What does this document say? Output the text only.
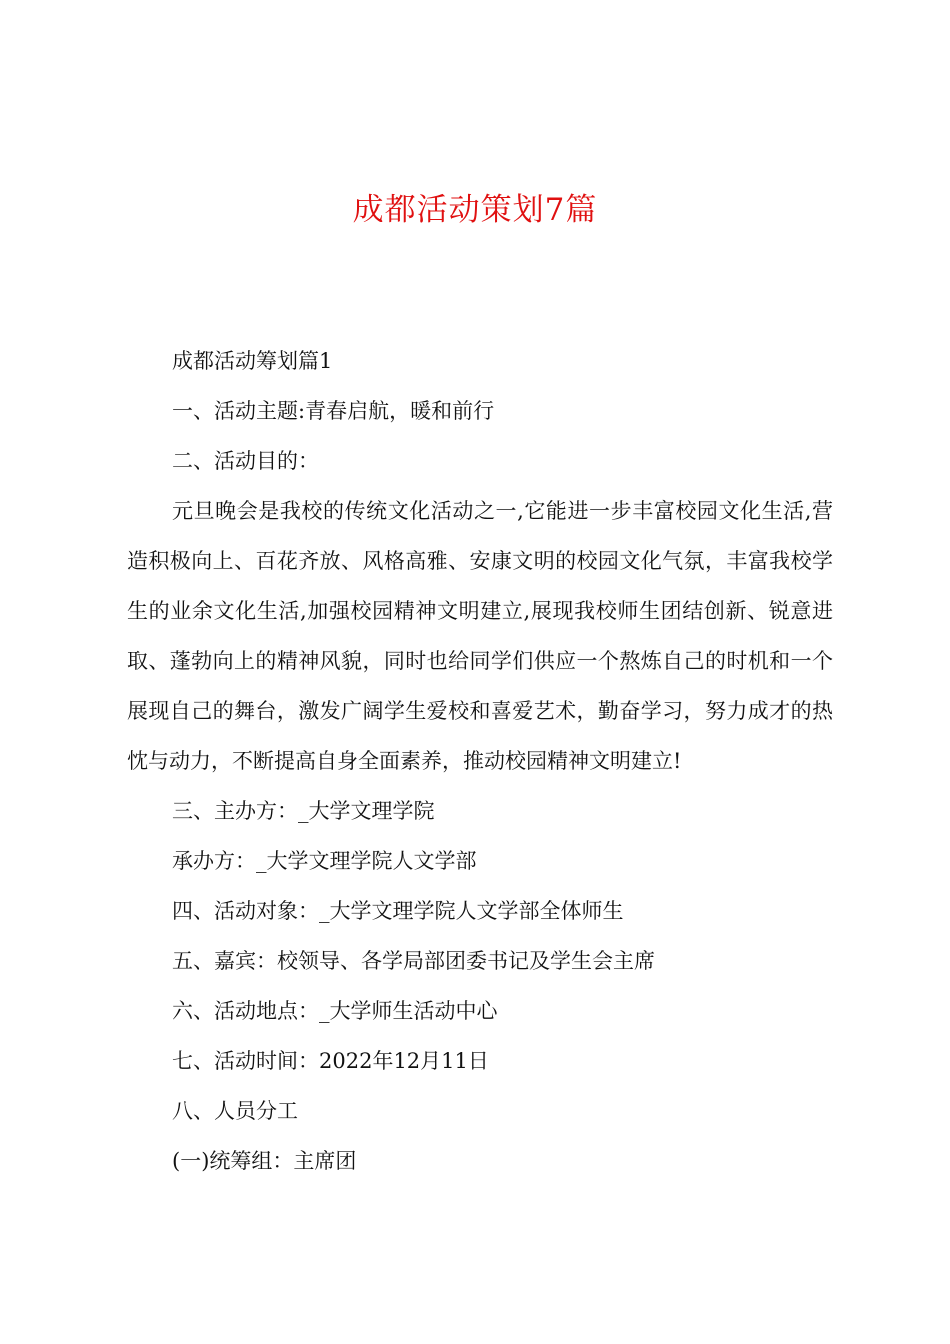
成都活动策划7篇
成都活动筹划篇1
一、活动主题:青春启航，暖和前行
二、活动目的：

元旦晚会是我校的传统文化活动之一,它能进一步丰富校园文化生活,营造积极向上、百花齐放、风格高雅、安康文明的校园文化气氛，丰富我校学生的业余文化生活,加强校园精神文明建立,展现我校师生团结创新、锐意进取、蓬勃向上的精神风貌，同时也给同学们供应一个熬炼自己的时机和一个展现自己的舞台，激发广阔学生爱校和喜爱艺术，勤奋学习，努力成才的热忱与动力，不断提高自身全面素养，推动校园精神文明建立!

三、主办方：_大学文理学院
承办方：_大学文理学院人文学部
四、活动对象：_大学文理学院人文学部全体师生
五、嘉宾：校领导、各学局部团委书记及学生会主席
六、活动地点：_大学师生活动中心
七、活动时间：2022年12月11日
八、人员分工
(一)统筹组：主席团
